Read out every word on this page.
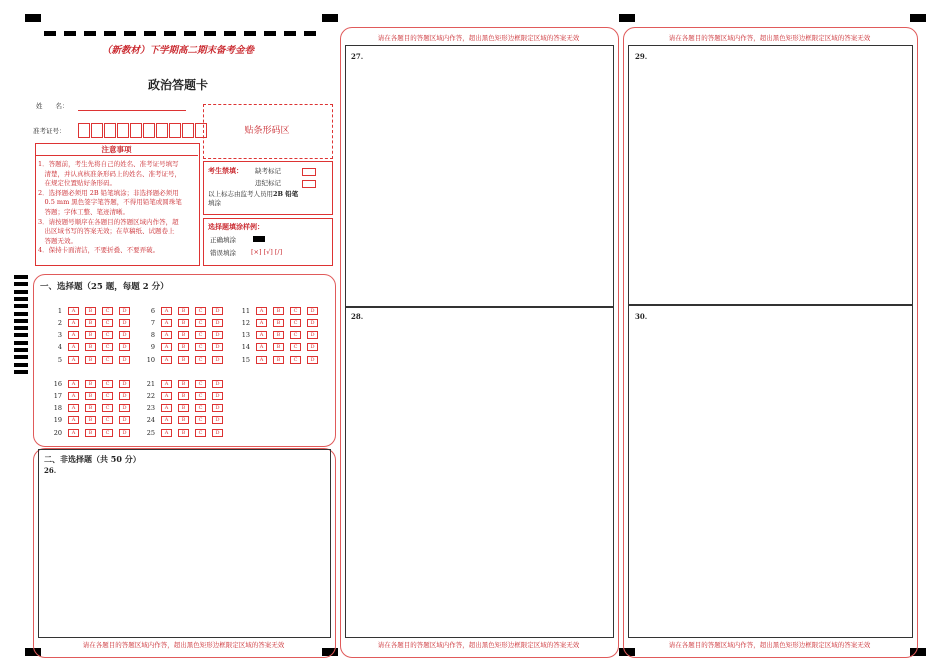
（新教材）下学期高二期末备考金卷
政治答题卡
姓　　名：
准考证号：	贴条形码区
注意事项
1．答题前，考生先将自己的姓名、准考证号填写
　清楚，并认真核准条形码上的姓名、准考证号，
　在规定位置贴好条形码。
2．选择题必须用 2B 铅笔填涂；非选择题必须用
　0.5 mm 黑色签字笔答题，不得用铅笔或圆珠笔
　答题；字体工整、笔迹清晰。
3．请按题号顺序在各题目的答题区域内作答，超
　出区域书写的答案无效；在草稿纸、试题卷上
　答题无效。
4．保持卡面清洁，不要折叠、不要弄破。
考生禁填： 缺考标记
违纪标记
以上标志由监考人员用2B 铅笔
填涂
选择题填涂样例：
正确填涂
错误填涂 [×] [√] [/]
一、选择题（25 题，每题 2 分）
1	A	B	C	D
2	A	B	C	D
3	A	B	C	D
4	A	B	C	D
5	A	B	C	D
6	A	B	C	D
7	A	B	C	D
8	A	B	C	D
9	A	B	C	D
10	A	B	C	D
11	A	B	C	D
12	A	B	C	D
13	A	B	C	D
14	A	B	C	D
15	A	B	C	D
16	A	B	C	D
17	A	B	C	D
18	A	B	C	D
19	A	B	C	D
20	A	B	C	D
21	A	B	C	D
22	A	B	C	D
23	A	B	C	D
24	A	B	C	D
25	A	B	C	D
二、非选择题（共 50 分）
26.
请在各题目的答题区域内作答，超出黑色矩形边框限定区域的答案无效
请在各题目的答题区域内作答，超出黑色矩形边框限定区域的答案无效
27.
28.
请在各题目的答题区域内作答，超出黑色矩形边框限定区域的答案无效
请在各题目的答题区域内作答，超出黑色矩形边框限定区域的答案无效
29.
30.
请在各题目的答题区域内作答，超出黑色矩形边框限定区域的答案无效
